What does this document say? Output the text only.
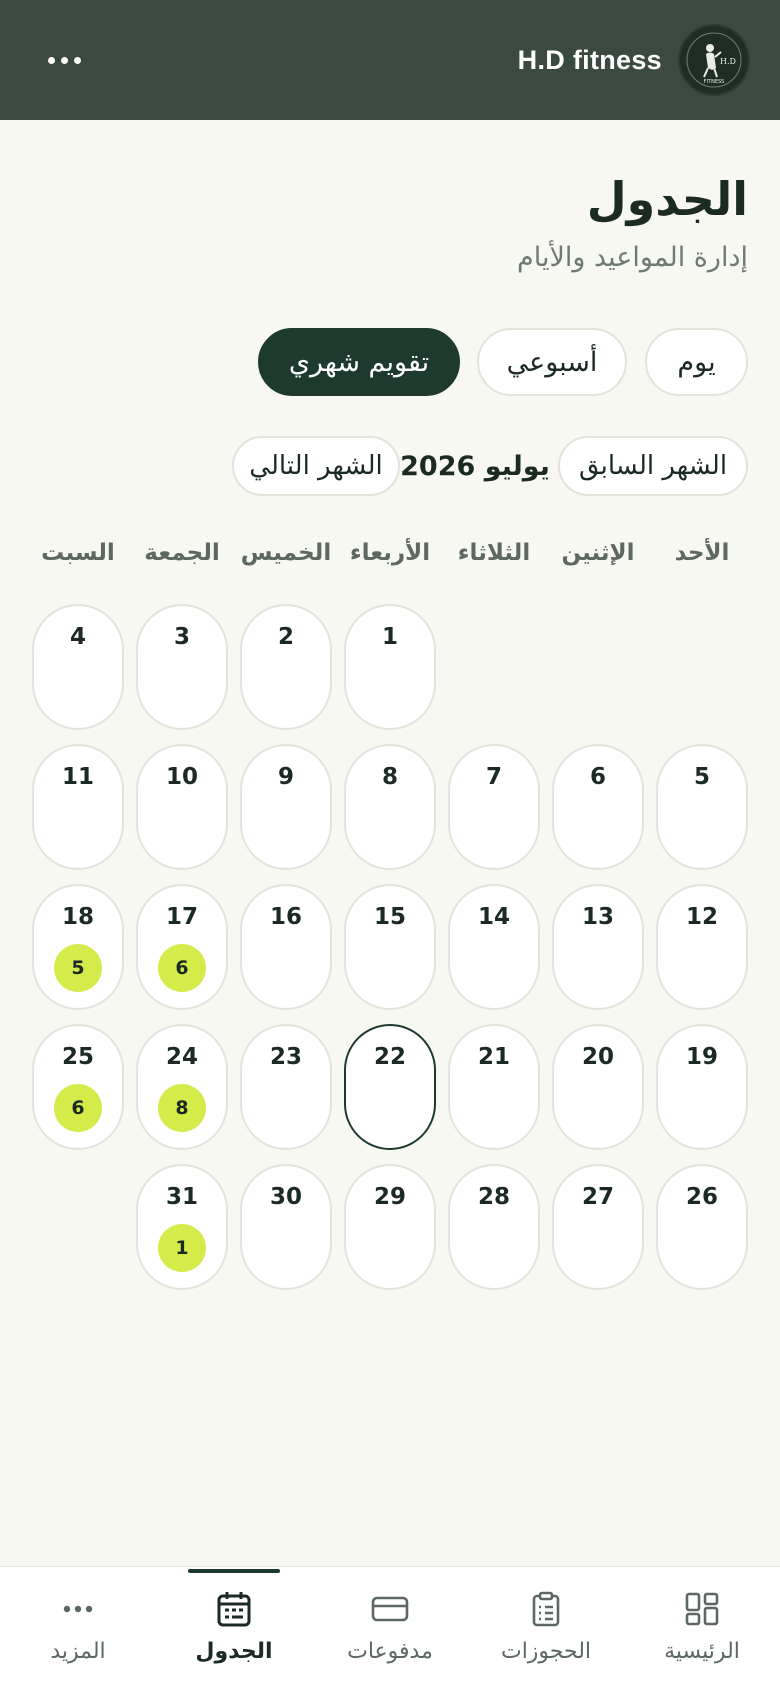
H.D fitness	H.D
FITNESS
الجدول

إدارة المواعيد والأيام

يوم
أسبوعي
تقويم شهري
الشهر السابق
يوليو 2026
الشهر التالي
الأحد
الإثنين
الثلاثاء
الأربعاء
الخميس
الجمعة
السبت
1
2
3
4
5
6
7
8
9
10
11
12
13
14
15
16
17
6
18
5
19
20
21
22
23
24
8
25
6
26
27
28
29
30
31
1
الرئيسية
الحجوزات
مدفوعات
الجدول
المزيد
